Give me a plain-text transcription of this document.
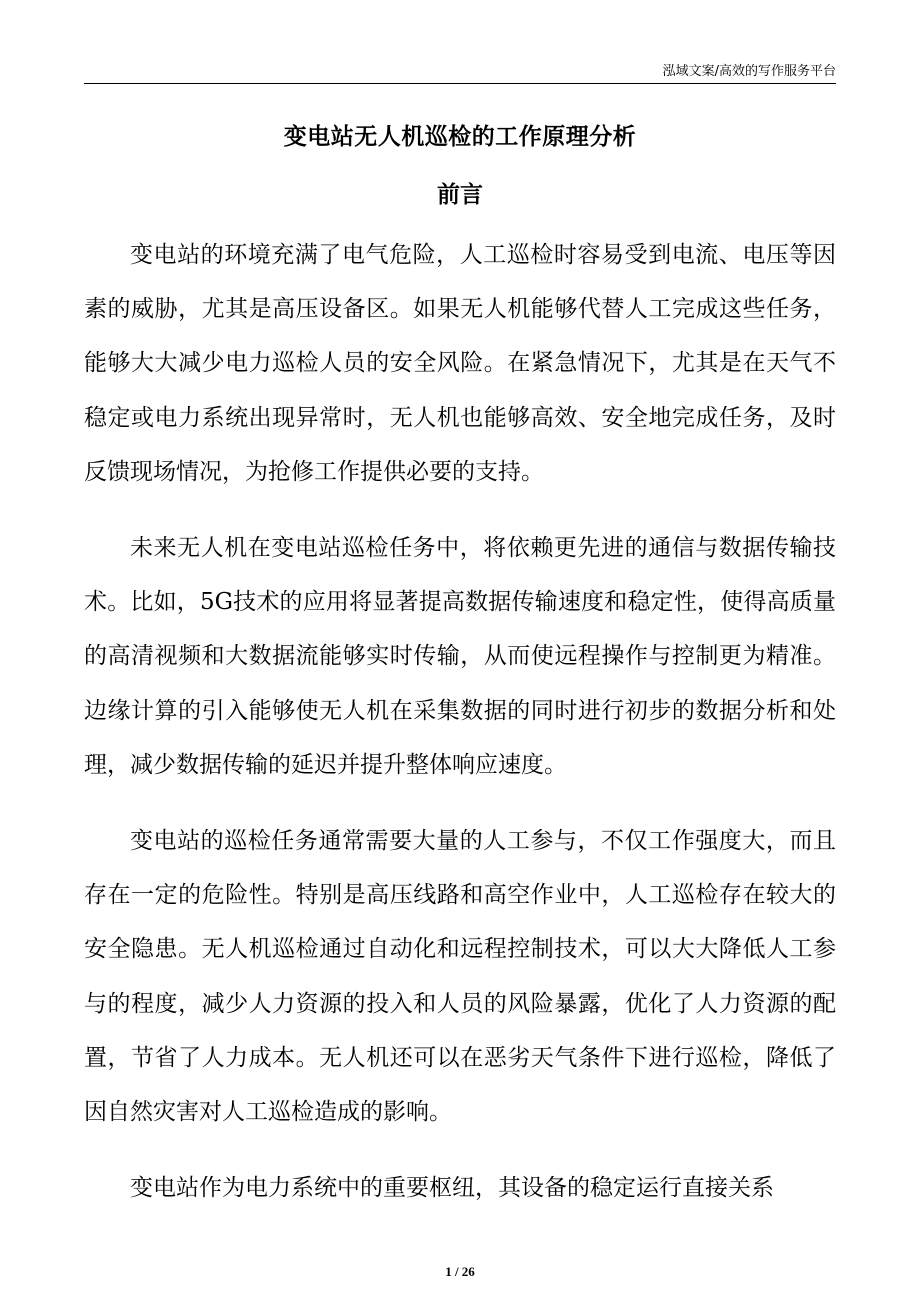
泓域文案/高效的写作服务平台
变电站无人机巡检的工作原理分析
前言

变电站的环境充满了电气危险，人工巡检时容易受到电流、电压等因素的威胁，尤其是高压设备区。如果无人机能够代替人工完成这些任务，能够大大减少电力巡检人员的安全风险。在紧急情况下，尤其是在天气不稳定或电力系统出现异常时，无人机也能够高效、安全地完成任务，及时反馈现场情况，为抢修工作提供必要的支持。

未来无人机在变电站巡检任务中，将依赖更先进的通信与数据传输技术。比如，5G技术的应用将显著提高数据传输速度和稳定性，使得高质量的高清视频和大数据流能够实时传输，从而使远程操作与控制更为精准。边缘计算的引入能够使无人机在采集数据的同时进行初步的数据分析和处理，减少数据传输的延迟并提升整体响应速度。

变电站的巡检任务通常需要大量的人工参与，不仅工作强度大，而且存在一定的危险性。特别是高压线路和高空作业中，人工巡检存在较大的安全隐患。无人机巡检通过自动化和远程控制技术，可以大大降低人工参与的程度，减少人力资源的投入和人员的风险暴露，优化了人力资源的配置，节省了人力成本。无人机还可以在恶劣天气条件下进行巡检，降低了因自然灾害对人工巡检造成的影响。

变电站作为电力系统中的重要枢纽，其设备的稳定运行直接关系

1 / 26
